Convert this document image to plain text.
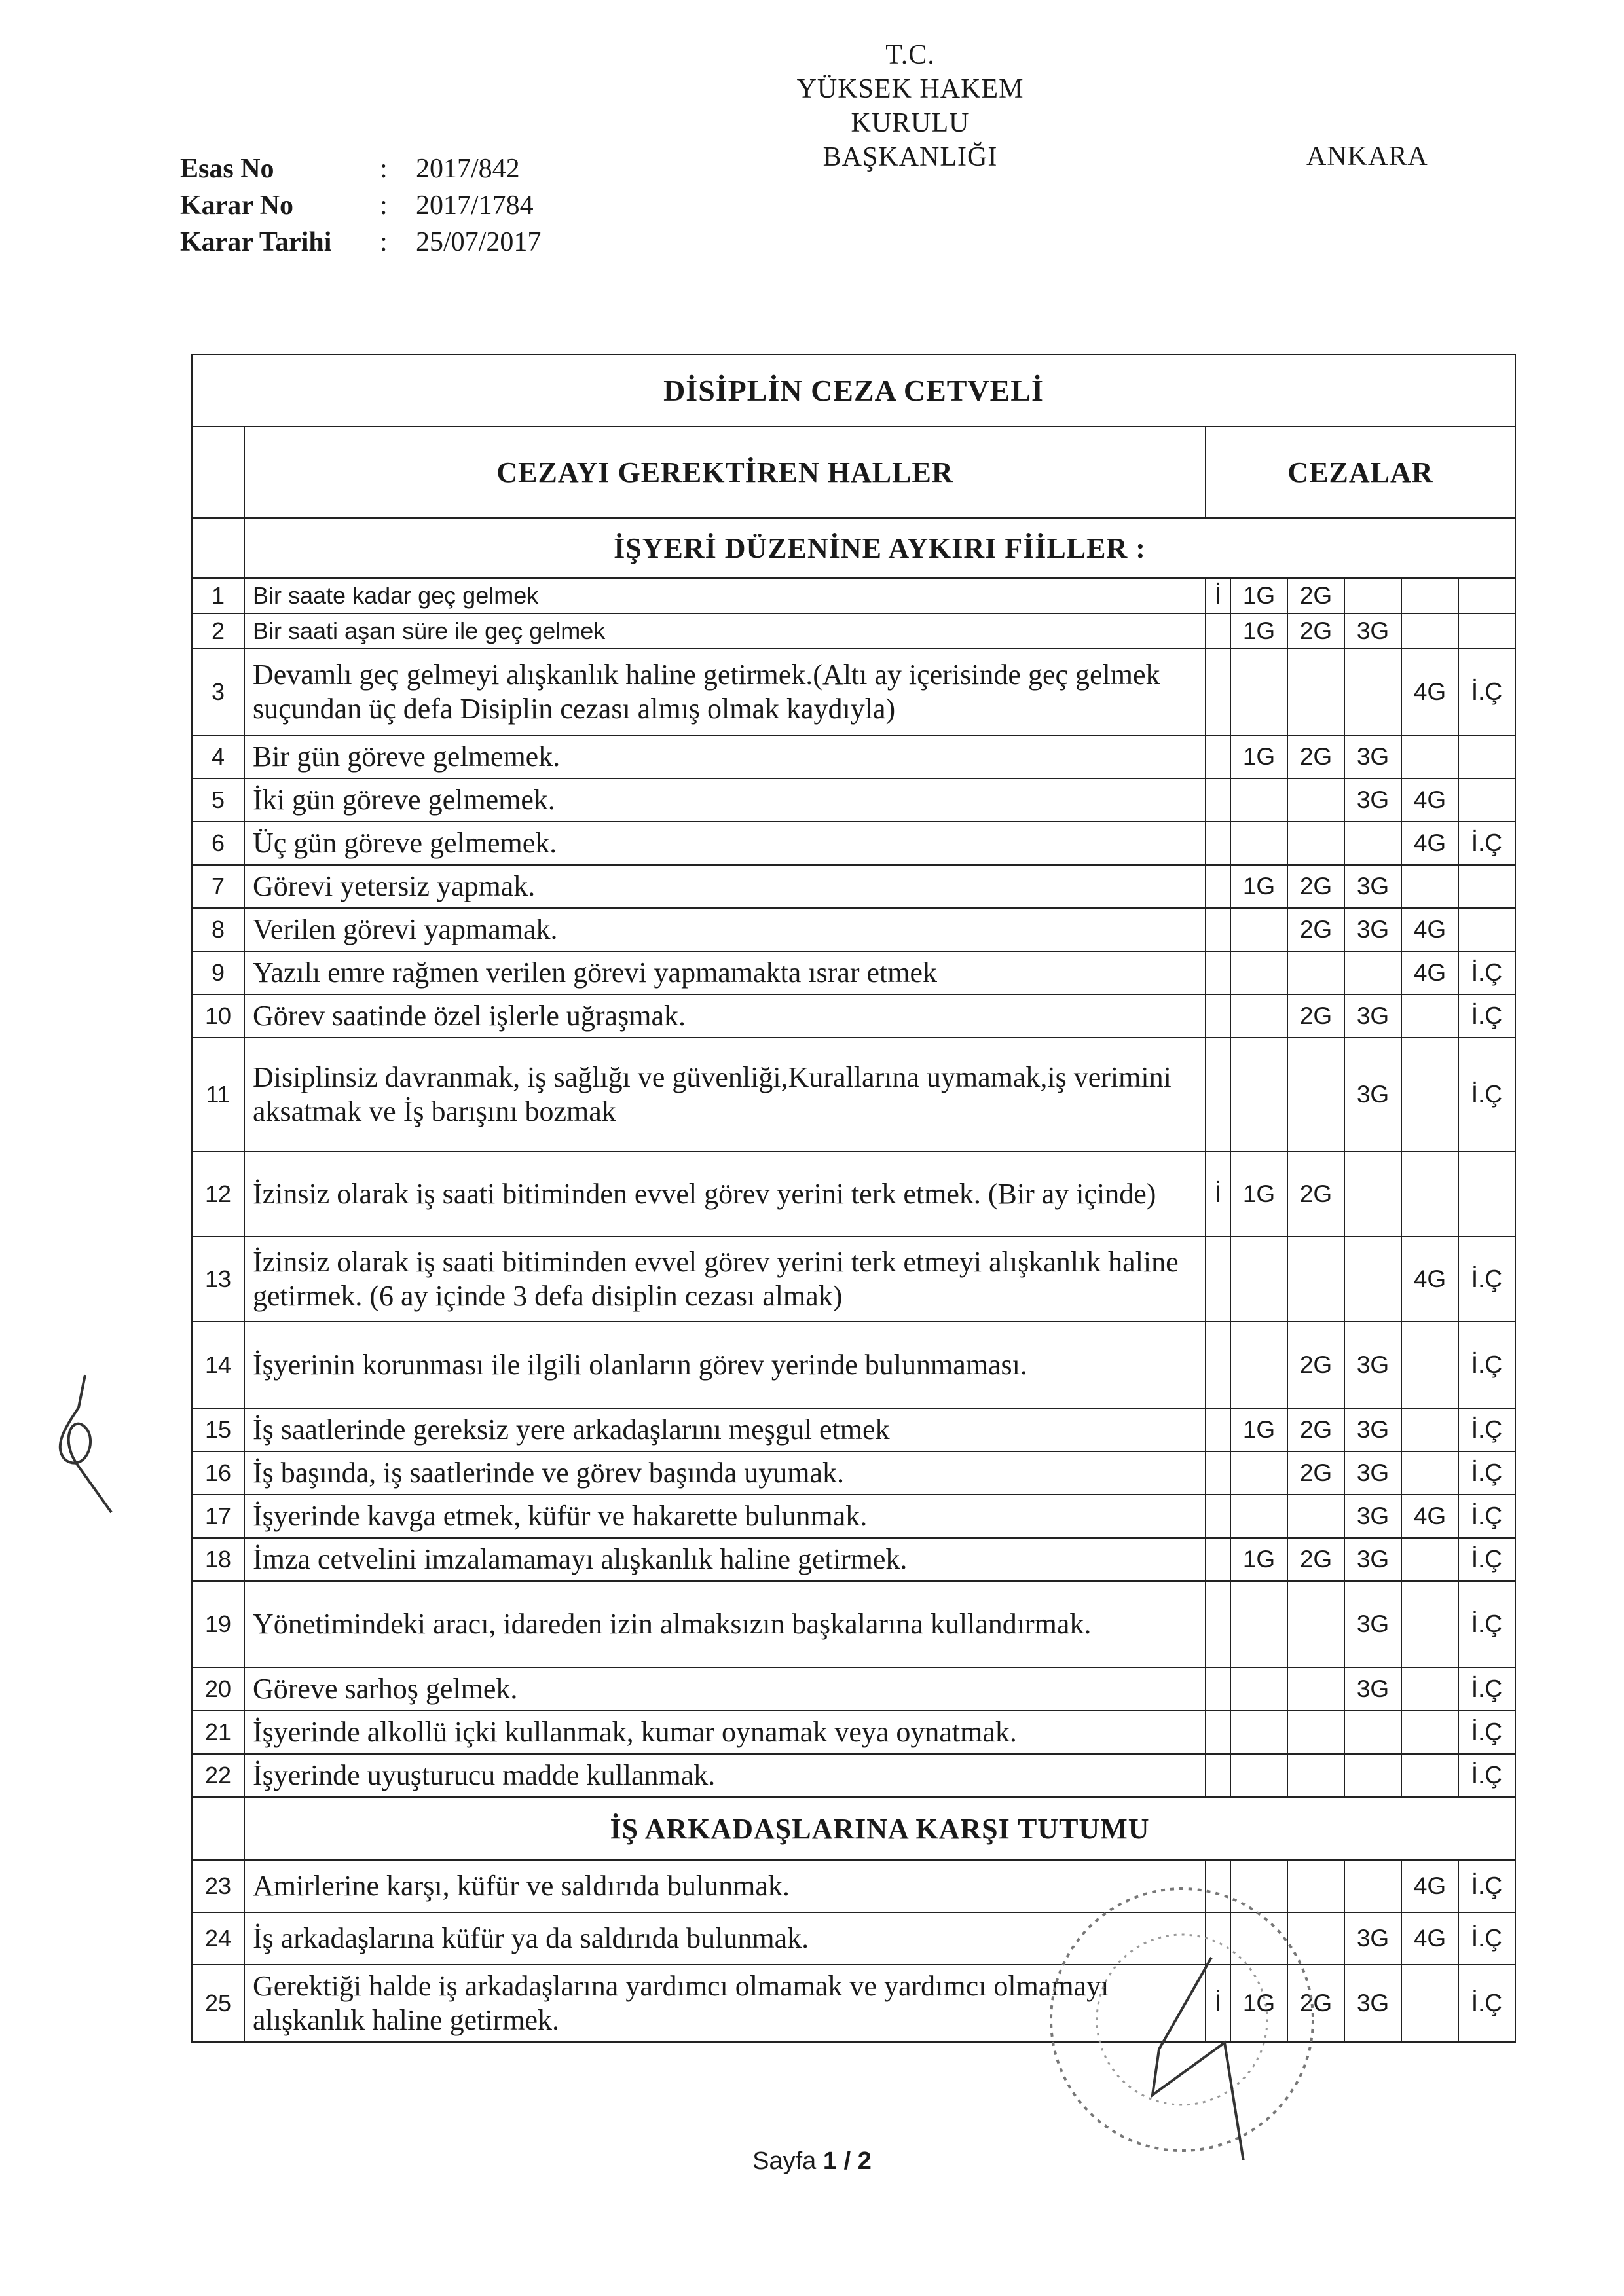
T.C.
YÜKSEK HAKEM KURULU
BAŞKANLIĞI	ANKARA
Esas No	:	2017/842
Karar No	:	2017/1784
Karar Tarihi	:	25/07/2017
DİSİPLİN CEZA CETVELİ							
	CEZAYI GEREKTİREN HALLER	CEZALAR					
	İŞYERİ DÜZENİNE AYKIRI FİİLLER :						
1	Bir saate kadar geç gelmek	İ	1G	2G			
2	Bir saati aşan süre ile geç gelmek		1G	2G	3G		
3	Devamlı geç gelmeyi alışkanlık haline getirmek.(Altı ay içerisinde geç gelmek suçundan üç defa Disiplin cezası almış olmak kaydıyla)					4G	İ.Ç
4	Bir gün göreve gelmemek.		1G	2G	3G		
5	İki gün göreve gelmemek.				3G	4G	
6	Üç gün göreve gelmemek.					4G	İ.Ç
7	Görevi yetersiz yapmak.		1G	2G	3G		
8	Verilen görevi yapmamak.			2G	3G	4G	
9	Yazılı emre rağmen verilen görevi yapmamakta ısrar etmek					4G	İ.Ç
10	Görev saatinde özel işlerle uğraşmak.			2G	3G		İ.Ç
11	Disiplinsiz davranmak, iş sağlığı ve güvenliği,Kurallarına uymamak,iş verimini aksatmak ve İş barışını bozmak				3G		İ.Ç
12	İzinsiz olarak iş saati bitiminden evvel görev yerini terk etmek. (Bir ay içinde)	İ	1G	2G			
13	İzinsiz olarak iş saati bitiminden evvel görev yerini terk etmeyi alışkanlık haline getirmek. (6 ay içinde 3 defa disiplin cezası almak)					4G	İ.Ç
14	İşyerinin korunması ile ilgili olanların görev yerinde bulunmaması.			2G	3G		İ.Ç
15	İş saatlerinde gereksiz yere arkadaşlarını meşgul etmek		1G	2G	3G		İ.Ç
16	İş başında, iş saatlerinde ve görev başında uyumak.			2G	3G		İ.Ç
17	İşyerinde kavga etmek, küfür ve hakarette bulunmak.				3G	4G	İ.Ç
18	İmza cetvelini imzalamamayı alışkanlık haline getirmek.		1G	2G	3G		İ.Ç
19	Yönetimindeki aracı, idareden izin almaksızın başkalarına kullandırmak.				3G		İ.Ç
20	Göreve sarhoş gelmek.				3G		İ.Ç
21	İşyerinde alkollü içki kullanmak, kumar oynamak veya oynatmak.						İ.Ç
22	İşyerinde uyuşturucu madde kullanmak.						İ.Ç
	İŞ ARKADAŞLARINA KARŞI TUTUMU						
23	Amirlerine karşı, küfür ve saldırıda bulunmak.					4G	İ.Ç
24	İş arkadaşlarına küfür ya da saldırıda bulunmak.				3G	4G	İ.Ç
25	Gerektiği halde iş arkadaşlarına yardımcı olmamak ve yardımcı olmamayı alışkanlık haline getirmek.	İ	1G	2G	3G		İ.Ç
Sayfa 1 / 2
